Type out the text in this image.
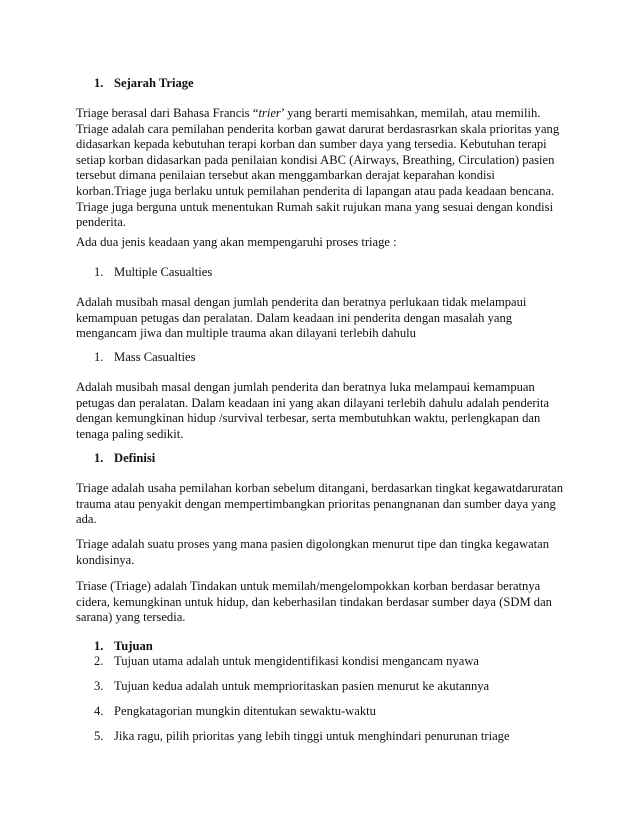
1. Sejarah Triage
Triage berasal dari Bahasa Francis “trier’ yang berarti memisahkan, memilah, atau memilih.
Triage adalah cara pemilahan penderita korban gawat darurat berdasrasrkan skala prioritas yang
didasarkan kepada kebutuhan terapi korban dan sumber daya yang tersedia. Kebutuhan terapi
setiap korban didasarkan pada penilaian kondisi ABC (Airways, Breathing, Circulation) pasien
tersebut dimana penilaian tersebut akan menggambarkan derajat keparahan kondisi
korban.Triage juga berlaku untuk pemilahan penderita di lapangan atau pada keadaan bencana.
Triage juga berguna untuk menentukan Rumah sakit rujukan mana yang sesuai dengan kondisi
penderita.
Ada dua jenis keadaan yang akan mempengaruhi proses triage :
1. Multiple Casualties
Adalah musibah masal dengan jumlah penderita dan beratnya perlukaan tidak melampaui
kemampuan petugas dan peralatan. Dalam keadaan ini penderita dengan masalah yang
mengancam jiwa dan multiple trauma akan dilayani terlebih dahulu
1. Mass Casualties
Adalah musibah masal dengan jumlah penderita dan beratnya luka melampaui kemampuan
petugas dan peralatan. Dalam keadaan ini yang akan dilayani terlebih dahulu adalah penderita
dengan kemungkinan hidup /survival terbesar, serta membutuhkan waktu, perlengkapan dan
tenaga paling sedikit.
1. Definisi
Triage adalah usaha pemilahan korban sebelum ditangani, berdasarkan tingkat kegawatdaruratan
trauma atau penyakit dengan mempertimbangkan prioritas penangnanan dan sumber daya yang
ada.
Triage adalah suatu proses yang mana pasien digolongkan menurut tipe dan tingka kegawatan
kondisinya.
Triase (Triage) adalah Tindakan untuk memilah/mengelompokkan korban berdasar beratnya
cidera, kemungkinan untuk hidup, dan keberhasilan tindakan berdasar sumber daya (SDM dan
sarana) yang tersedia.
1. Tujuan
2. Tujuan utama adalah untuk mengidentifikasi kondisi mengancam nyawa
3. Tujuan kedua adalah untuk memprioritaskan pasien menurut ke akutannya
4. Pengkatagorian mungkin ditentukan sewaktu-waktu
5. Jika ragu, pilih prioritas yang lebih tinggi untuk menghindari penurunan triage
